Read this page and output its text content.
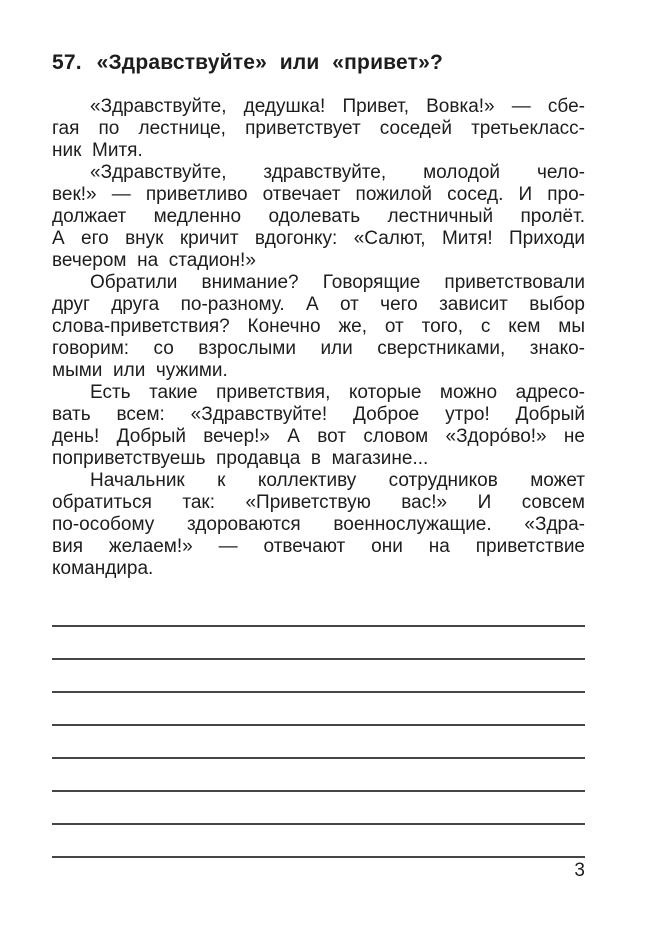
57. «Здравствуйте» или «привет»?
«Здравствуйте, дедушка! Привет, Вовка!» — сбе-
гая по лестнице, приветствует соседей третьекласс-
ник Митя.
«Здравствуйте, здравствуйте, молодой чело-
век!» — приветливо отвечает пожилой сосед. И про-
должает медленно одолевать лестничный пролёт.
А его внук кричит вдогонку: «Салют, Митя! Приходи
вечером на стадион!»
Обратили внимание? Говорящие приветствовали
друг друга по-разному. А от чего зависит выбор
слова-приветствия? Конечно же, от того, с кем мы
говорим: со взрослыми или сверстниками, знако-
мыми или чужими.
Есть такие приветствия, которые можно адресо-
вать всем: «Здравствуйте! Доброе утро! Добрый
день! Добрый вечер!» А вот словом «Здоро́во!» не
поприветствуешь продавца в магазине...
Начальник к коллективу сотрудников может
обратиться так: «Приветствую вас!» И совсем
по-особому здороваются военнослужащие. «Здра-
вия желаем!» — отвечают они на приветствие
командира.
3
